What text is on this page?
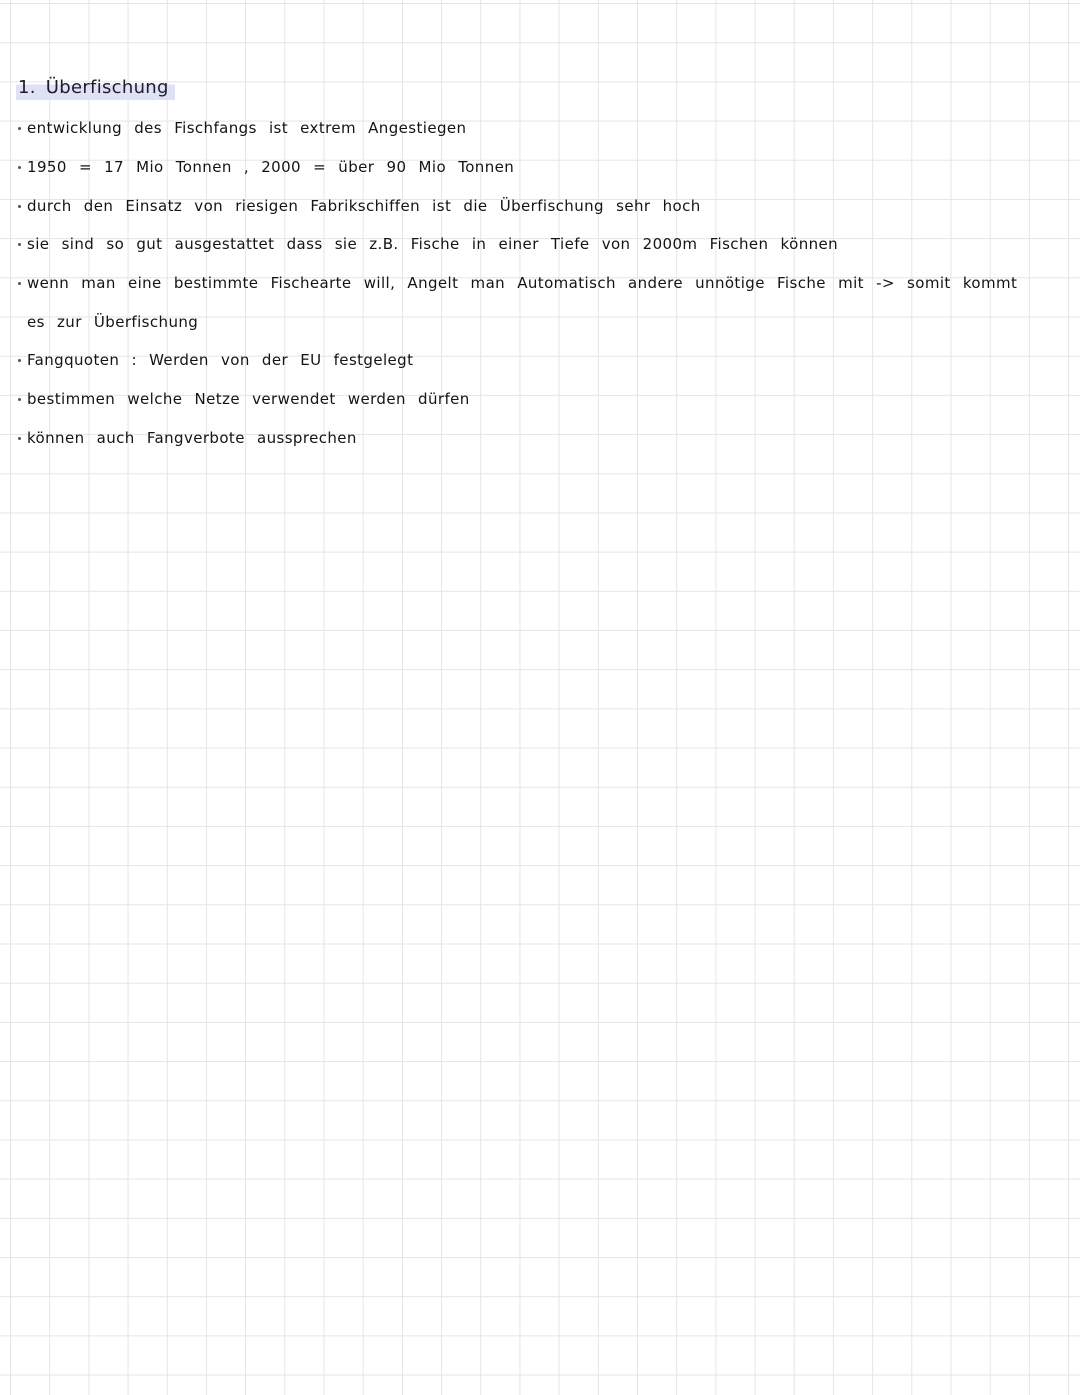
1. Überfischung
entwicklung des Fischfangs ist extrem Angestiegen
1950 = 17 Mio Tonnen , 2000 = über 90 Mio Tonnen
durch den Einsatz von riesigen Fabrikschiffen ist die Überfischung sehr hoch
sie sind so gut ausgestattet dass sie z.B. Fische in einer Tiefe von 2000m Fischen können
wenn man eine bestimmte Fischearte will, Angelt man Automatisch andere unnötige Fische mit -> somit kommt
es zur Überfischung
Fangquoten : Werden von der EU festgelegt
bestimmen welche Netze verwendet werden dürfen
können auch Fangverbote aussprechen
